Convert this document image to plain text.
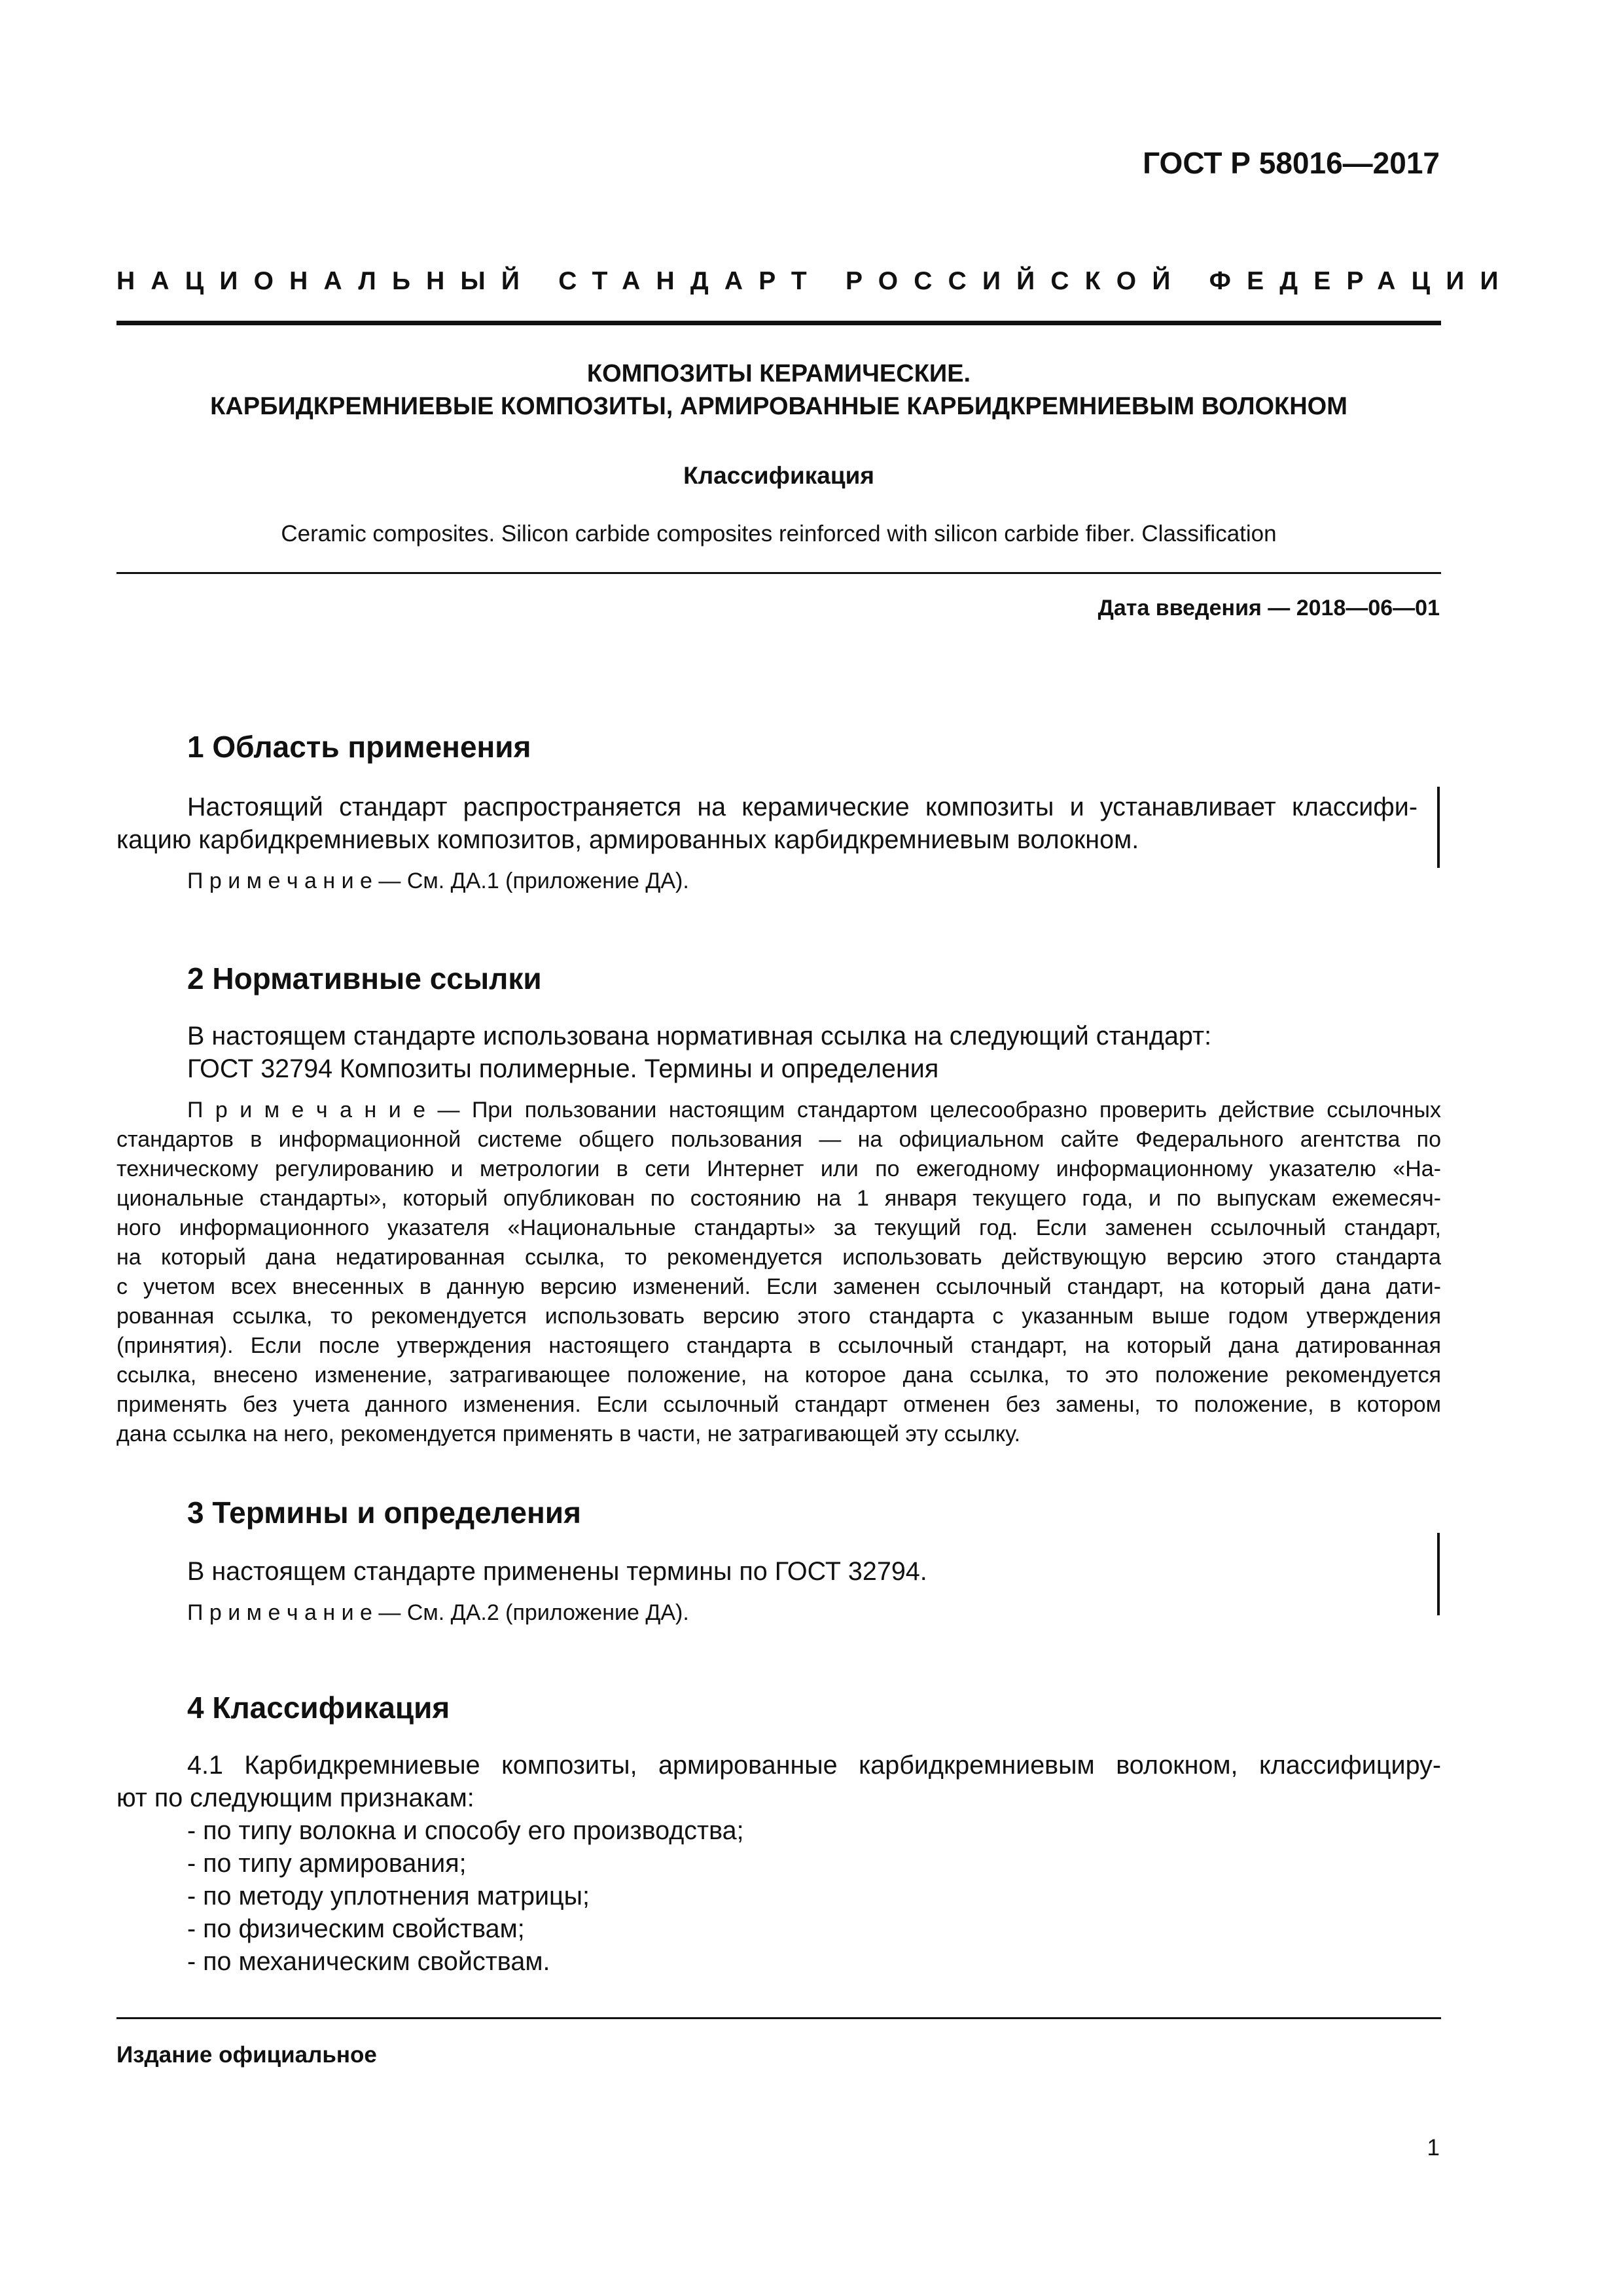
ГОСТ Р 58016—2017
НАЦИОНАЛЬНЫЙ СТАНДАРТ РОССИЙСКОЙ ФЕДЕРАЦИИ
КОМПОЗИТЫ КЕРАМИЧЕСКИЕ.
КАРБИДКРЕМНИЕВЫЕ КОМПОЗИТЫ, АРМИРОВАННЫЕ КАРБИДКРЕМНИЕВЫМ ВОЛОКНОМ
Классификация
Ceramic composites. Silicon carbide composites reinforced with silicon carbide fiber. Classification
Дата введения — 2018—06—01
1 Область применения
Настоящий стандарт распространяется на керамические композиты и устанавливает классифи-
кацию карбидкремниевых композитов, армированных карбидкремниевым волокном.
П р и м е ч а н и е — См. ДА.1 (приложение ДА).
2 Нормативные ссылки
В настоящем стандарте использована нормативная ссылка на следующий стандарт:
ГОСТ 32794 Композиты полимерные. Термины и определения
П р и м е ч а н и е — При пользовании настоящим стандартом целесообразно проверить действие ссылочных
стандартов в информационной системе общего пользования — на официальном сайте Федерального агентства по
техническому регулированию и метрологии в сети Интернет или по ежегодному информационному указателю «На-
циональные стандарты», который опубликован по состоянию на 1 января текущего года, и по выпускам ежемесяч-
ного информационного указателя «Национальные стандарты» за текущий год. Если заменен ссылочный стандарт,
на который дана недатированная ссылка, то рекомендуется использовать действующую версию этого стандарта
с учетом всех внесенных в данную версию изменений. Если заменен ссылочный стандарт, на который дана дати-
рованная ссылка, то рекомендуется использовать версию этого стандарта с указанным выше годом утверждения
(принятия). Если после утверждения настоящего стандарта в ссылочный стандарт, на который дана датированная
ссылка, внесено изменение, затрагивающее положение, на которое дана ссылка, то это положение рекомендуется
применять без учета данного изменения. Если ссылочный стандарт отменен без замены, то положение, в котором
дана ссылка на него, рекомендуется применять в части, не затрагивающей эту ссылку.
3 Термины и определения
В настоящем стандарте применены термины по ГОСТ 32794.
П р и м е ч а н и е — См. ДА.2 (приложение ДА).
4 Классификация
4.1 Карбидкремниевые композиты, армированные карбидкремниевым волокном, классифициру-
ют по следующим признакам:
- по типу волокна и способу его производства;
- по типу армирования;
- по методу уплотнения матрицы;
- по физическим свойствам;
- по механическим свойствам.
Издание официальное
1
